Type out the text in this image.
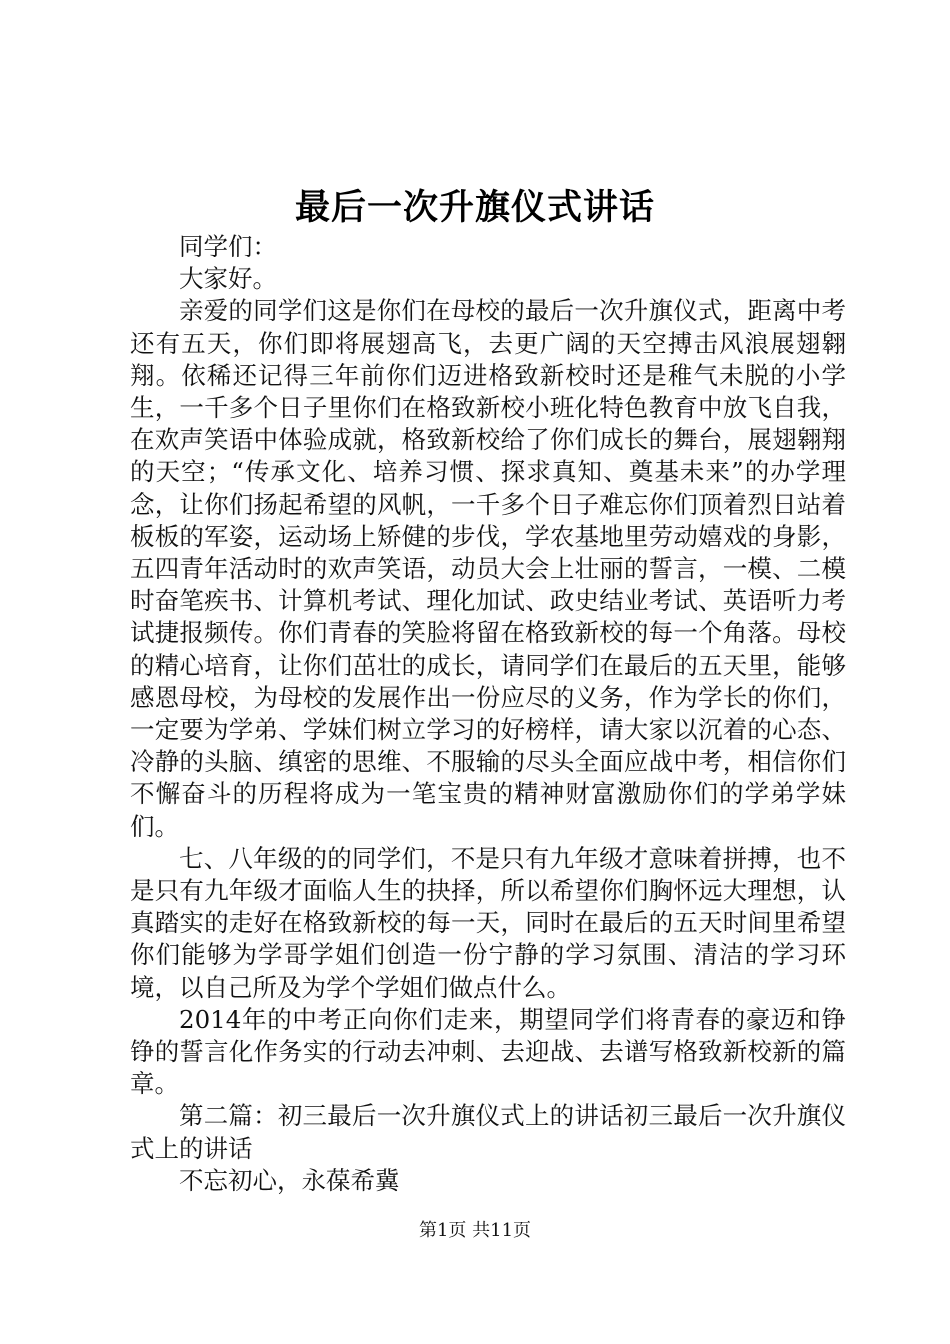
最后一次升旗仪式讲话

同学们：

大家好。

亲爱的同学们这是你们在母校的最后一次升旗仪式，距离中考还有五天，你们即将展翅高飞，去更广阔的天空搏击风浪展翅翱翔。依稀还记得三年前你们迈进格致新校时还是稚气未脱的小学生，一千多个日子里你们在格致新校小班化特色教育中放飞自我，在欢声笑语中体验成就，格致新校给了你们成长的舞台，展翅翱翔的天空；“传承文化、培养习惯、探求真知、奠基未来”的办学理念，让你们扬起希望的风帆，一千多个日子难忘你们顶着烈日站着板板的军姿，运动场上矫健的步伐，学农基地里劳动嬉戏的身影，五四青年活动时的欢声笑语，动员大会上壮丽的誓言，一模、二模时奋笔疾书、计算机考试、理化加试、政史结业考试、英语听力考试捷报频传。你们青春的笑脸将留在格致新校的每一个角落。母校的精心培育，让你们茁壮的成长，请同学们在最后的五天里，能够感恩母校，为母校的发展作出一份应尽的义务，作为学长的你们，一定要为学弟、学妹们树立学习的好榜样，请大家以沉着的心态、冷静的头脑、缜密的思维、不服输的尽头全面应战中考，相信你们不懈奋斗的历程将成为一笔宝贵的精神财富激励你们的学弟学妹们。

七、八年级的的同学们，不是只有九年级才意味着拼搏，也不是只有九年级才面临人生的抉择，所以希望你们胸怀远大理想，认真踏实的走好在格致新校的每一天，同时在最后的五天时间里希望你们能够为学哥学姐们创造一份宁静的学习氛围、清洁的学习环境，以自己所及为学个学姐们做点什么。

2014年的中考正向你们走来，期望同学们将青春的豪迈和铮铮的誓言化作务实的行动去冲刺、去迎战、去谱写格致新校新的篇章。

第二篇：初三最后一次升旗仪式上的讲话初三最后一次升旗仪式上的讲话

不忘初心，永葆希冀

第1页 共11页
